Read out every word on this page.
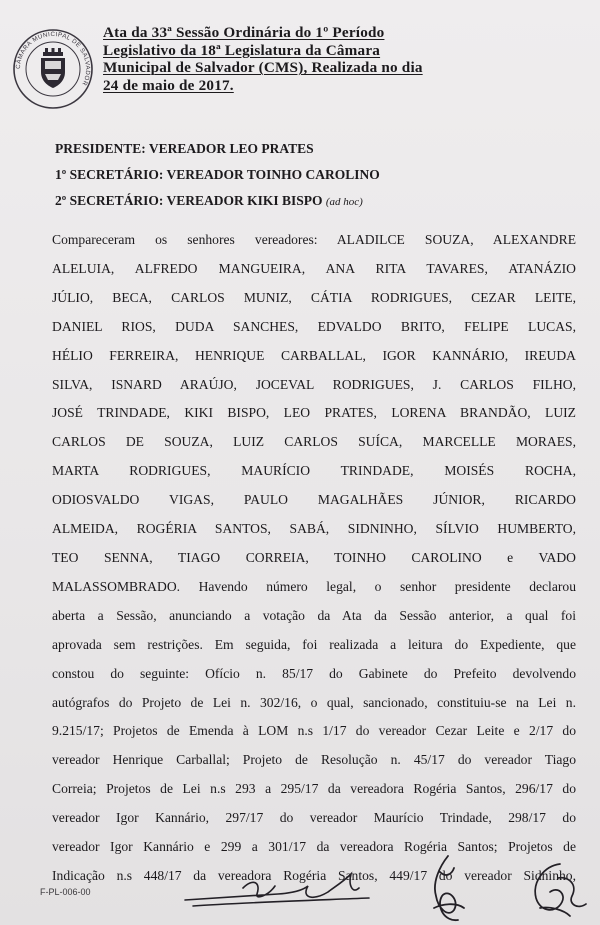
CÂMARA MUNICIPAL DE SALVADOR
Ata da 33ª Sessão Ordinária do 1º Período
Legislativo da 18ª Legislatura da Câmara
Municipal de Salvador (CMS), Realizada no dia
24 de maio de 2017.
PRESIDENTE: VEREADOR LEO PRATES
1º SECRETÁRIO: VEREADOR TOINHO CAROLINO
2º SECRETÁRIO: VEREADOR KIKI BISPO (ad hoc)
Compareceram os senhores vereadores: ALADILCE SOUZA, ALEXANDRE
ALELUIA, ALFREDO MANGUEIRA, ANA RITA TAVARES, ATANÁZIO
JÚLIO, BECA, CARLOS MUNIZ, CÁTIA RODRIGUES, CEZAR LEITE,
DANIEL RIOS, DUDA SANCHES, EDVALDO BRITO, FELIPE LUCAS,
HÉLIO FERREIRA, HENRIQUE CARBALLAL, IGOR KANNÁRIO, IREUDA
SILVA, ISNARD ARAÚJO, JOCEVAL RODRIGUES, J. CARLOS FILHO,
JOSÉ TRINDADE, KIKI BISPO, LEO PRATES, LORENA BRANDÃO, LUIZ
CARLOS DE SOUZA, LUIZ CARLOS SUÍCA, MARCELLE MORAES,
MARTA RODRIGUES, MAURÍCIO TRINDADE, MOISÉS ROCHA,
ODIOSVALDO VIGAS, PAULO MAGALHÃES JÚNIOR, RICARDO
ALMEIDA, ROGÉRIA SANTOS, SABÁ, SIDNINHO, SÍLVIO HUMBERTO,
TEO SENNA, TIAGO CORREIA, TOINHO CAROLINO e VADO
MALASSOMBRADO. Havendo número legal, o senhor presidente declarou
aberta a Sessão, anunciando a votação da Ata da Sessão anterior, a qual foi
aprovada sem restrições. Em seguida, foi realizada a leitura do Expediente, que
constou do seguinte: Ofício n. 85/17 do Gabinete do Prefeito devolvendo
autógrafos do Projeto de Lei n. 302/16, o qual, sancionado, constituiu-se na Lei n.
9.215/17; Projetos de Emenda à LOM n.s 1/17 do vereador Cezar Leite e 2/17 do
vereador Henrique Carballal; Projeto de Resolução n. 45/17 do vereador Tiago
Correia; Projetos de Lei n.s 293 a 295/17 da vereadora Rogéria Santos, 296/17 do
vereador Igor Kannário, 297/17 do vereador Maurício Trindade, 298/17 do
vereador Igor Kannário e 299 a 301/17 da vereadora Rogéria Santos; Projetos de
Indicação n.s 448/17 da vereadora Rogéria Santos, 449/17 do vereador Sidninho,
F-PL-006-00
